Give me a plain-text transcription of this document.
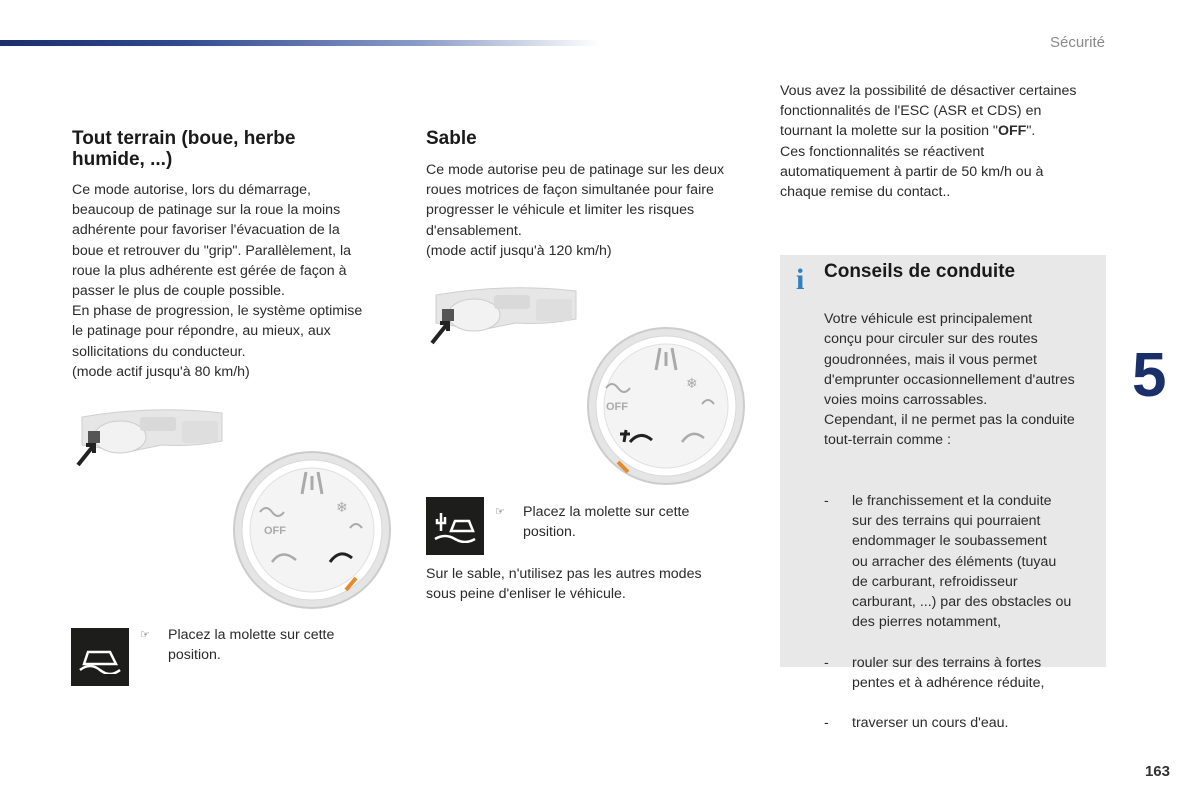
Sécurité
Tout terrain (boue, herbe
humide, ...)

Ce mode autorise, lors du démarrage,
beaucoup de patinage sur la roue la moins
adhérente pour favoriser l'évacuation de la
boue et retrouver du "grip". Parallèlement, la
roue la plus adhérente est gérée de façon à
passer le plus de couple possible.
En phase de progression, le système optimise
le patinage pour répondre, au mieux, aux
sollicitations du conducteur.
(mode actif jusqu'à 80 km/h)

OFF
❄
☞ Placez la molette sur cette
position.
Sable

Ce mode autorise peu de patinage sur les deux
roues motrices de façon simultanée pour faire
progresser le véhicule et limiter les risques
d'ensablement.
(mode actif jusqu'à 120 km/h)

OFF
❄
☞ Placez la molette sur cette
position.

Sur le sable, n'utilisez pas les autres modes
sous peine d'enliser le véhicule.

Vous avez la possibilité de désactiver certaines
fonctionnalités de l'ESC (ASR et CDS) en
tournant la molette sur la position "OFF".
Ces fonctionnalités se réactivent
automatiquement à partir de 50 km/h ou à
chaque remise du contact..

i Conseils de conduite

Votre véhicule est principalement
conçu pour circuler sur des routes
goudronnées, mais il vous permet
d'emprunter occasionnellement d'autres
voies moins carrossables.
Cependant, il ne permet pas la conduite
tout-terrain comme :

- le franchissement et la conduite
sur des terrains qui pourraient
endommager le soubassement
ou arracher des éléments (tuyau
de carburant, refroidisseur
carburant, ...) par des obstacles ou
des pierres notamment,

- rouler sur des terrains à fortes
pentes et à adhérence réduite,

- traverser un cours d'eau.

5
163
